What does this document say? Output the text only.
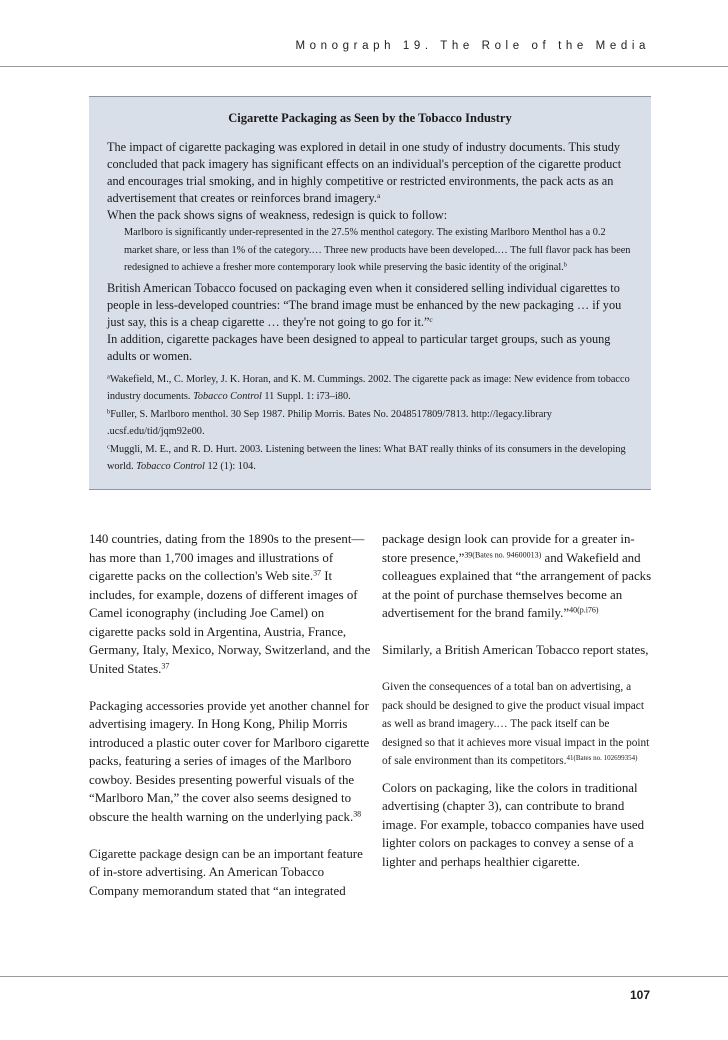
Monograph 19. The Role of the Media
Cigarette Packaging as Seen by the Tobacco Industry

The impact of cigarette packaging was explored in detail in one study of industry documents. This study concluded that pack imagery has significant effects on an individual's perception of the cigarette product and encourages trial smoking, and in highly competitive or restricted environments, the pack acts as an advertisement that creates or reinforces brand imagery.$^a$
When the pack shows signs of weakness, redesign is quick to follow:

Marlboro is significantly under-represented in the 27.5% menthol category. The existing Marlboro Menthol has a 0.2 market share, or less than 1% of the category.… Three new products have been developed.… The full flavor pack has been redesigned to achieve a fresher more contemporary look while preserving the basic identity of the original.$^b$

British American Tobacco focused on packaging even when it considered selling individual cigarettes to people in less-developed countries: “The brand image must be enhanced by the new packaging … if you just say, this is a cheap cigarette … they're not going to go for it.”$^c$
In addition, cigarette packages have been designed to appeal to particular target groups, such as young adults or women.

$^a$Wakefield, M., C. Morley, J. K. Horan, and K. M. Cummings. 2002. The cigarette pack as image: New evidence from tobacco industry documents. Tobacco Control 11 Suppl. 1: i73–i80.

$^b$Fuller, S. Marlboro menthol. 30 Sep 1987. Philip Morris. Bates No. 2048517809/7813. http://legacy.library .ucsf.edu/tid/jqm92e00.

$^c$Muggli, M. E., and R. D. Hurt. 2003. Listening between the lines: What BAT really thinks of its consumers in the developing world. Tobacco Control 12 (1): 104.

140 countries, dating from the 1890s to the present—has more than 1,700 images and illustrations of cigarette packs on the collection's Web site.$^{37}$ It includes, for example, dozens of different images of Camel iconography (including Joe Camel) on cigarette packs sold in Argentina, Austria, France, Germany, Italy, Mexico, Norway, Switzerland, and the United States.$^{37}$

Packaging accessories provide yet another channel for advertising imagery. In Hong Kong, Philip Morris introduced a plastic outer cover for Marlboro cigarette packs, featuring a series of images of the Marlboro cowboy. Besides presenting powerful visuals of the “Marlboro Man,” the cover also seems designed to obscure the health warning on the underlying pack.$^{38}$

Cigarette package design can be an important feature of in-store advertising. An American Tobacco Company memorandum stated that “an integrated

package design look can provide for a greater in-store presence,”$^{39(Bates no. 94600013)}$ and Wakefield and colleagues explained that “the arrangement of packs at the point of purchase themselves become an advertisement for the brand family.”$^{40(p.i76)}$

Similarly, a British American Tobacco report states,

Given the consequences of a total ban on advertising, a pack should be designed to give the product visual impact as well as brand imagery.… The pack itself can be designed so that it achieves more visual impact in the point of sale environment than its competitors.$^{41(Bates no. 102699354)}$

Colors on packaging, like the colors in traditional advertising (chapter 3), can contribute to brand image. For example, tobacco companies have used lighter colors on packages to convey a sense of a lighter and perhaps healthier cigarette.

107
